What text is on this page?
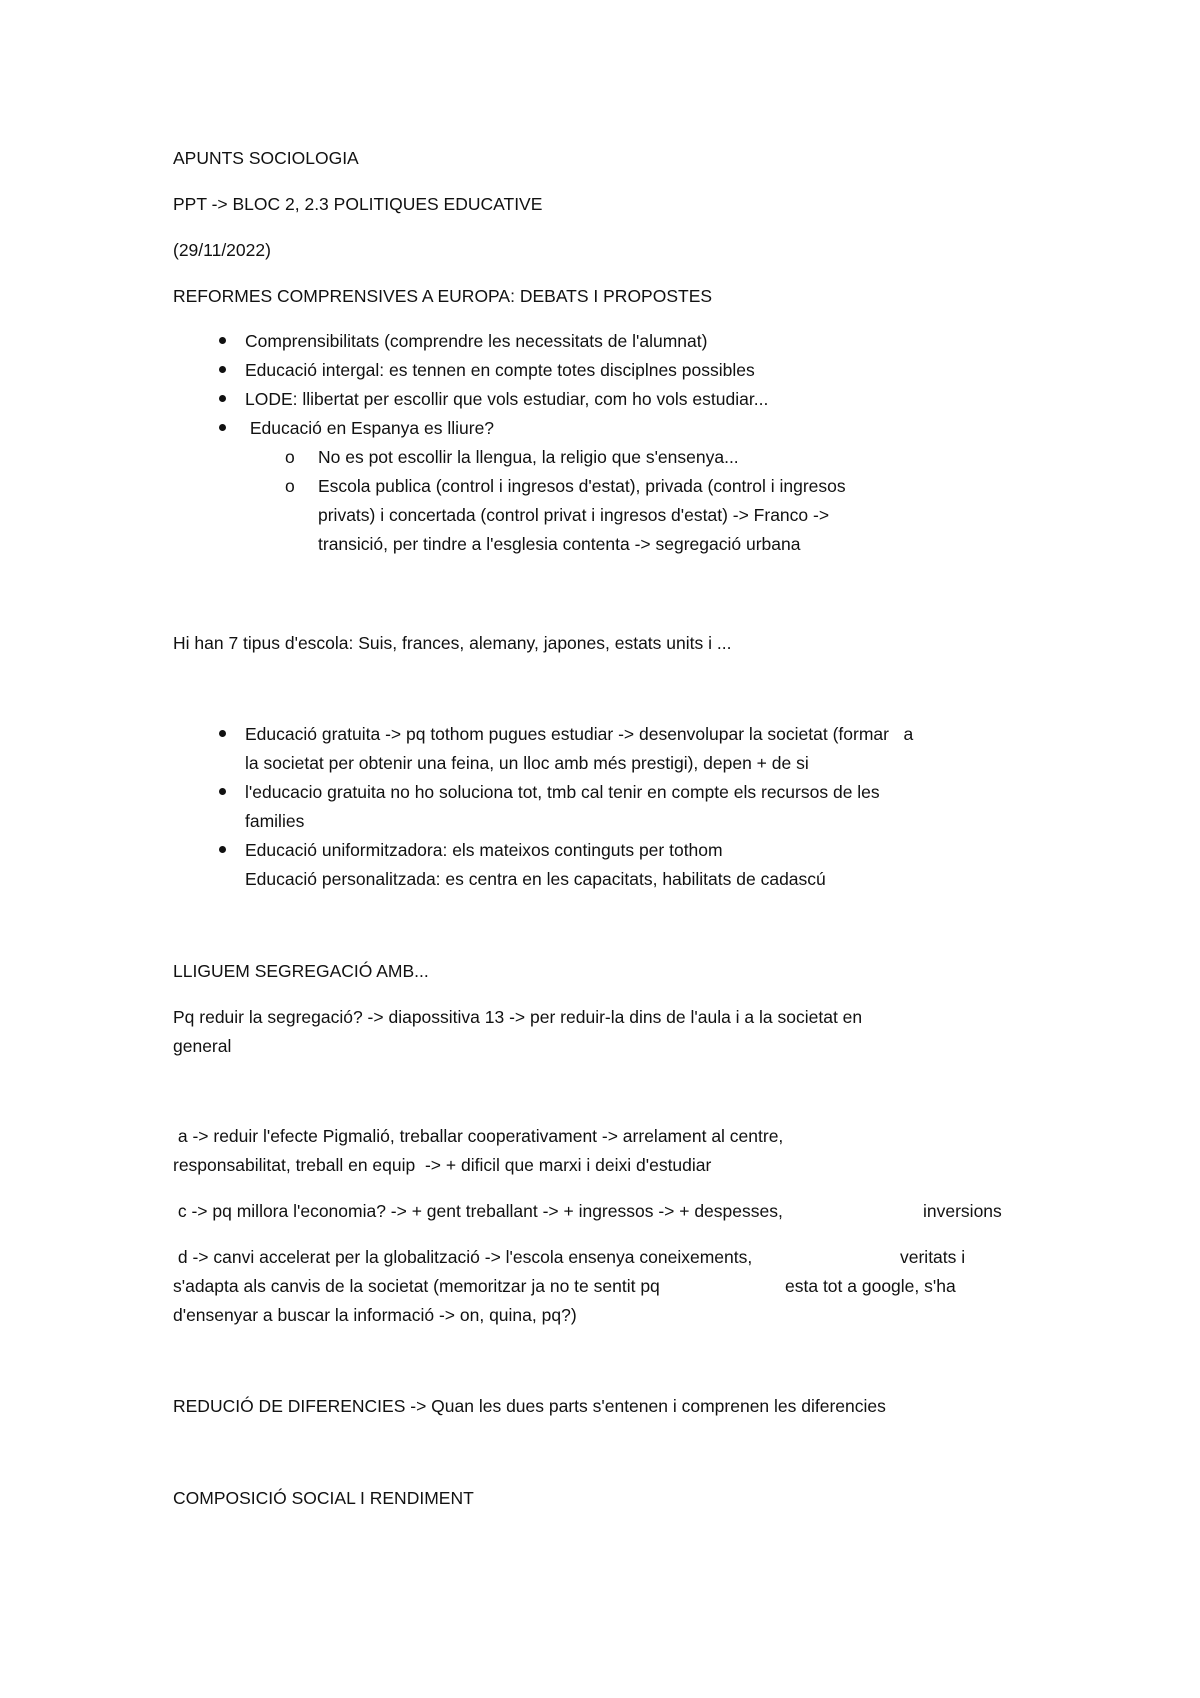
APUNTS SOCIOLOGIA
PPT -> BLOC 2, 2.3 POLITIQUES EDUCATIVE
(29/11/2022)
REFORMES COMPRENSIVES A EUROPA: DEBATS I PROPOSTES
Comprensibilitats (comprendre les necessitats de l'alumnat)
Educació intergal: es tennen en compte totes disciplnes possibles
LODE: llibertat per escollir que vols estudiar, com ho vols estudiar...
Educació en Espanya es lliure?
o No es pot escollir la llengua, la religio que s'ensenya...
o Escola publica (control i ingresos d'estat), privada (control i ingresos
privats) i concertada (control privat i ingresos d'estat) -> Franco ->
transició, per tindre a l'esglesia contenta -> segregació urbana
Hi han 7 tipus d'escola: Suis, frances, alemany, japones, estats units i ...
Educació gratuita -> pq tothom pugues estudiar -> desenvolupar la societat (formar   a
la societat per obtenir una feina, un lloc amb més prestigi), depen + de si
l'educacio gratuita no ho soluciona tot, tmb cal tenir en compte els recursos de les
families
Educació uniformitzadora: els mateixos continguts per tothom
Educació personalitzada: es centra en les capacitats, habilitats de cadascú
LLIGUEM SEGREGACIÓ AMB...
Pq reduir la segregació? -> diapossitiva 13 -> per reduir-la dins de l'aula i a la societat en
general
a -> reduir l'efecte Pigmalió, treballar cooperativament -> arrelament al centre,
responsabilitat, treball en equip  -> + dificil que marxi i deixi d'estudiar
c -> pq millora l'economia? -> + gent treballant -> + ingressos -> + despesses,	inversions
d -> canvi accelerat per la globalització -> l'escola ensenya coneixements,	veritats i
s'adapta als canvis de la societat (memoritzar ja no te sentit pq	esta tot a google, s'ha
d'ensenyar a buscar la informació -> on, quina, pq?)
REDUCIÓ DE DIFERENCIES -> Quan les dues parts s'entenen i comprenen les diferencies
COMPOSICIÓ SOCIAL I RENDIMENT
